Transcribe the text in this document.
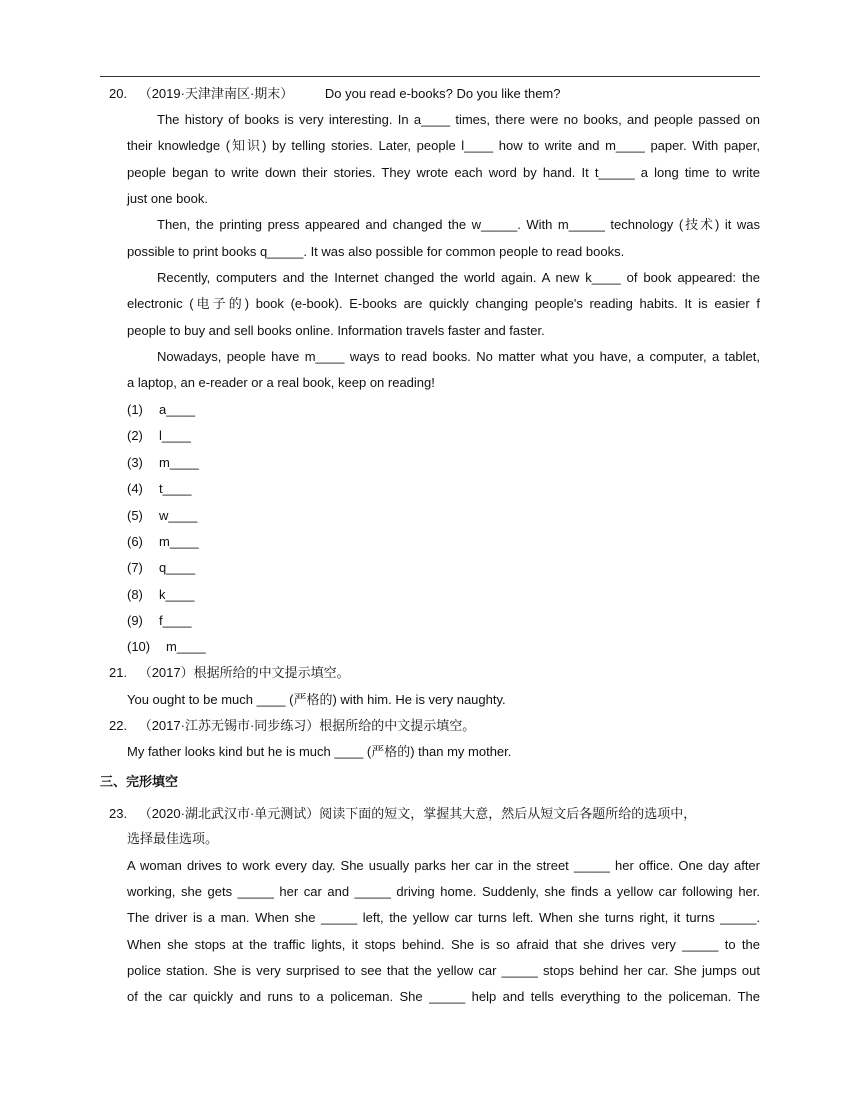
20. （2019·天津津南区·期末） Do you read e-books? Do you like them?
The history of books is very interesting. In a____ times, there were no books, and people passed on
their knowledge (知识) by telling stories. Later, people l____ how to write and m____ paper. With paper,
people began to write down their stories. They wrote each word by hand. It t_____ a long time to write
just one book.
Then, the printing press appeared and changed the w_____. With m_____ technology (技术) it was
possible to print books q_____. It was also possible for common people to read books.
Recently, computers and the Internet changed the world again. A new k____ of book appeared: the
electronic (电子的) book (e-book). E-books are quickly changing people's reading habits. It is easier f
people to buy and sell books online. Information travels faster and faster.
Nowadays, people have m____ ways to read books. No matter what you have, a computer, a tablet,
a laptop, an e-reader or a real book, keep on reading!
(1) a____
(2) l____
(3) m____
(4) t____
(5) w____
(6) m____
(7) q____
(8) k____
(9) f____
(10) m____
21. （2017）根据所给的中文提示填空。
You ought to be much ____ (严格的) with him. He is very naughty.
22. （2017·江苏无锡市·同步练习）根据所给的中文提示填空。
My father looks kind but he is much ____ (严格的) than my mother.
三、完形填空
23. （2020·湖北武汉市·单元测试）阅读下面的短文，掌握其大意，然后从短文后各题所给的选项中，
选择最佳选项。
A woman drives to work every day. She usually parks her car in the street _____ her office. One day after
working, she gets _____ her car and _____ driving home. Suddenly, she finds a yellow car following her.
The driver is a man. When she _____ left, the yellow car turns left. When she turns right, it turns _____.
When she stops at the traffic lights, it stops behind. She is so afraid that she drives very _____ to the
police station. She is very surprised to see that the yellow car _____ stops behind her car. She jumps out
of the car quickly and runs to a policeman. She _____ help and tells everything to the policeman. The
